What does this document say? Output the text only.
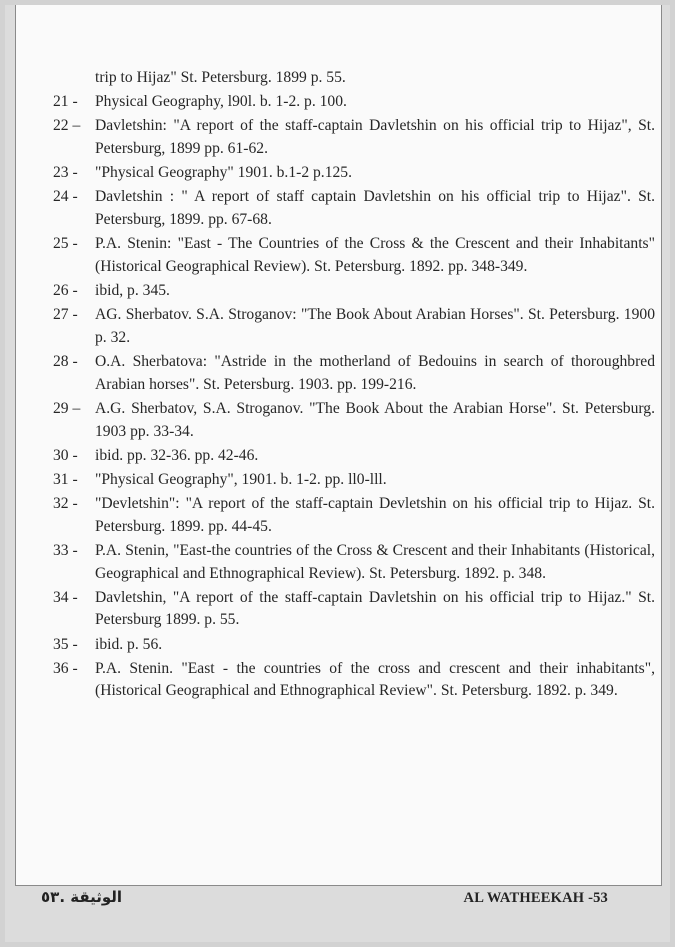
trip to Hijaz" St. Petersburg. 1899 p. 55.
21 -	Physical Geography, l90l. b. 1-2. p. 100.
22 – Davletshin: "A report of the staff-captain Davletshin on his official trip to Hijaz", St. Petersburg, 1899 pp. 61-62.
23 -	"Physical Geography" 1901. b.1-2 p.125.
24 -	Davletshin : " A report of staff captain Davletshin on his official trip to Hijaz". St. Petersburg, 1899. pp. 67-68.
25 -	P.A. Stenin: "East - The Countries of the Cross & the Crescent and their Inhabitants" (Historical Geographical Review). St. Petersburg. 1892. pp. 348-349.
26 -	ibid, p. 345.
27 -	AG. Sherbatov. S.A. Stroganov: "The Book About Arabian Horses". St. Petersburg. 1900 p. 32.
28 -	O.A. Sherbatova: "Astride in the motherland of Bedouins in search of thoroughbred Arabian horses". St. Petersburg. 1903. pp. 199-216.
29 – A.G. Sherbatov, S.A. Stroganov. "The Book About the Arabian Horse". St. Petersburg. 1903 pp. 33-34.
30 -	ibid. pp. 32-36. pp. 42-46.
31 -	"Physical Geography", 1901. b. 1-2. pp. ll0-lll.
32 -	"Devletshin": "A report of the staff-captain Devletshin on his official trip to Hijaz. St. Petersburg. 1899. pp. 44-45.
33 -	P.A. Stenin, "East-the countries of the Cross & Crescent and their Inhabitants (Historical, Geographical and Ethnographical Review). St. Petersburg. 1892. p. 348.
34 -	Davletshin, "A report of the staff-captain Davletshin on his official trip to Hijaz." St. Petersburg 1899. p. 55.
35 -	ibid. p. 56.
36 -	P.A. Stenin. "East - the countries of the cross and crescent and their inhabitants", (Historical Geographical and Ethnographical Review". St. Petersburg. 1892. p. 349.
الوثيقة .٥٣	AL WATHEEKAH -53
